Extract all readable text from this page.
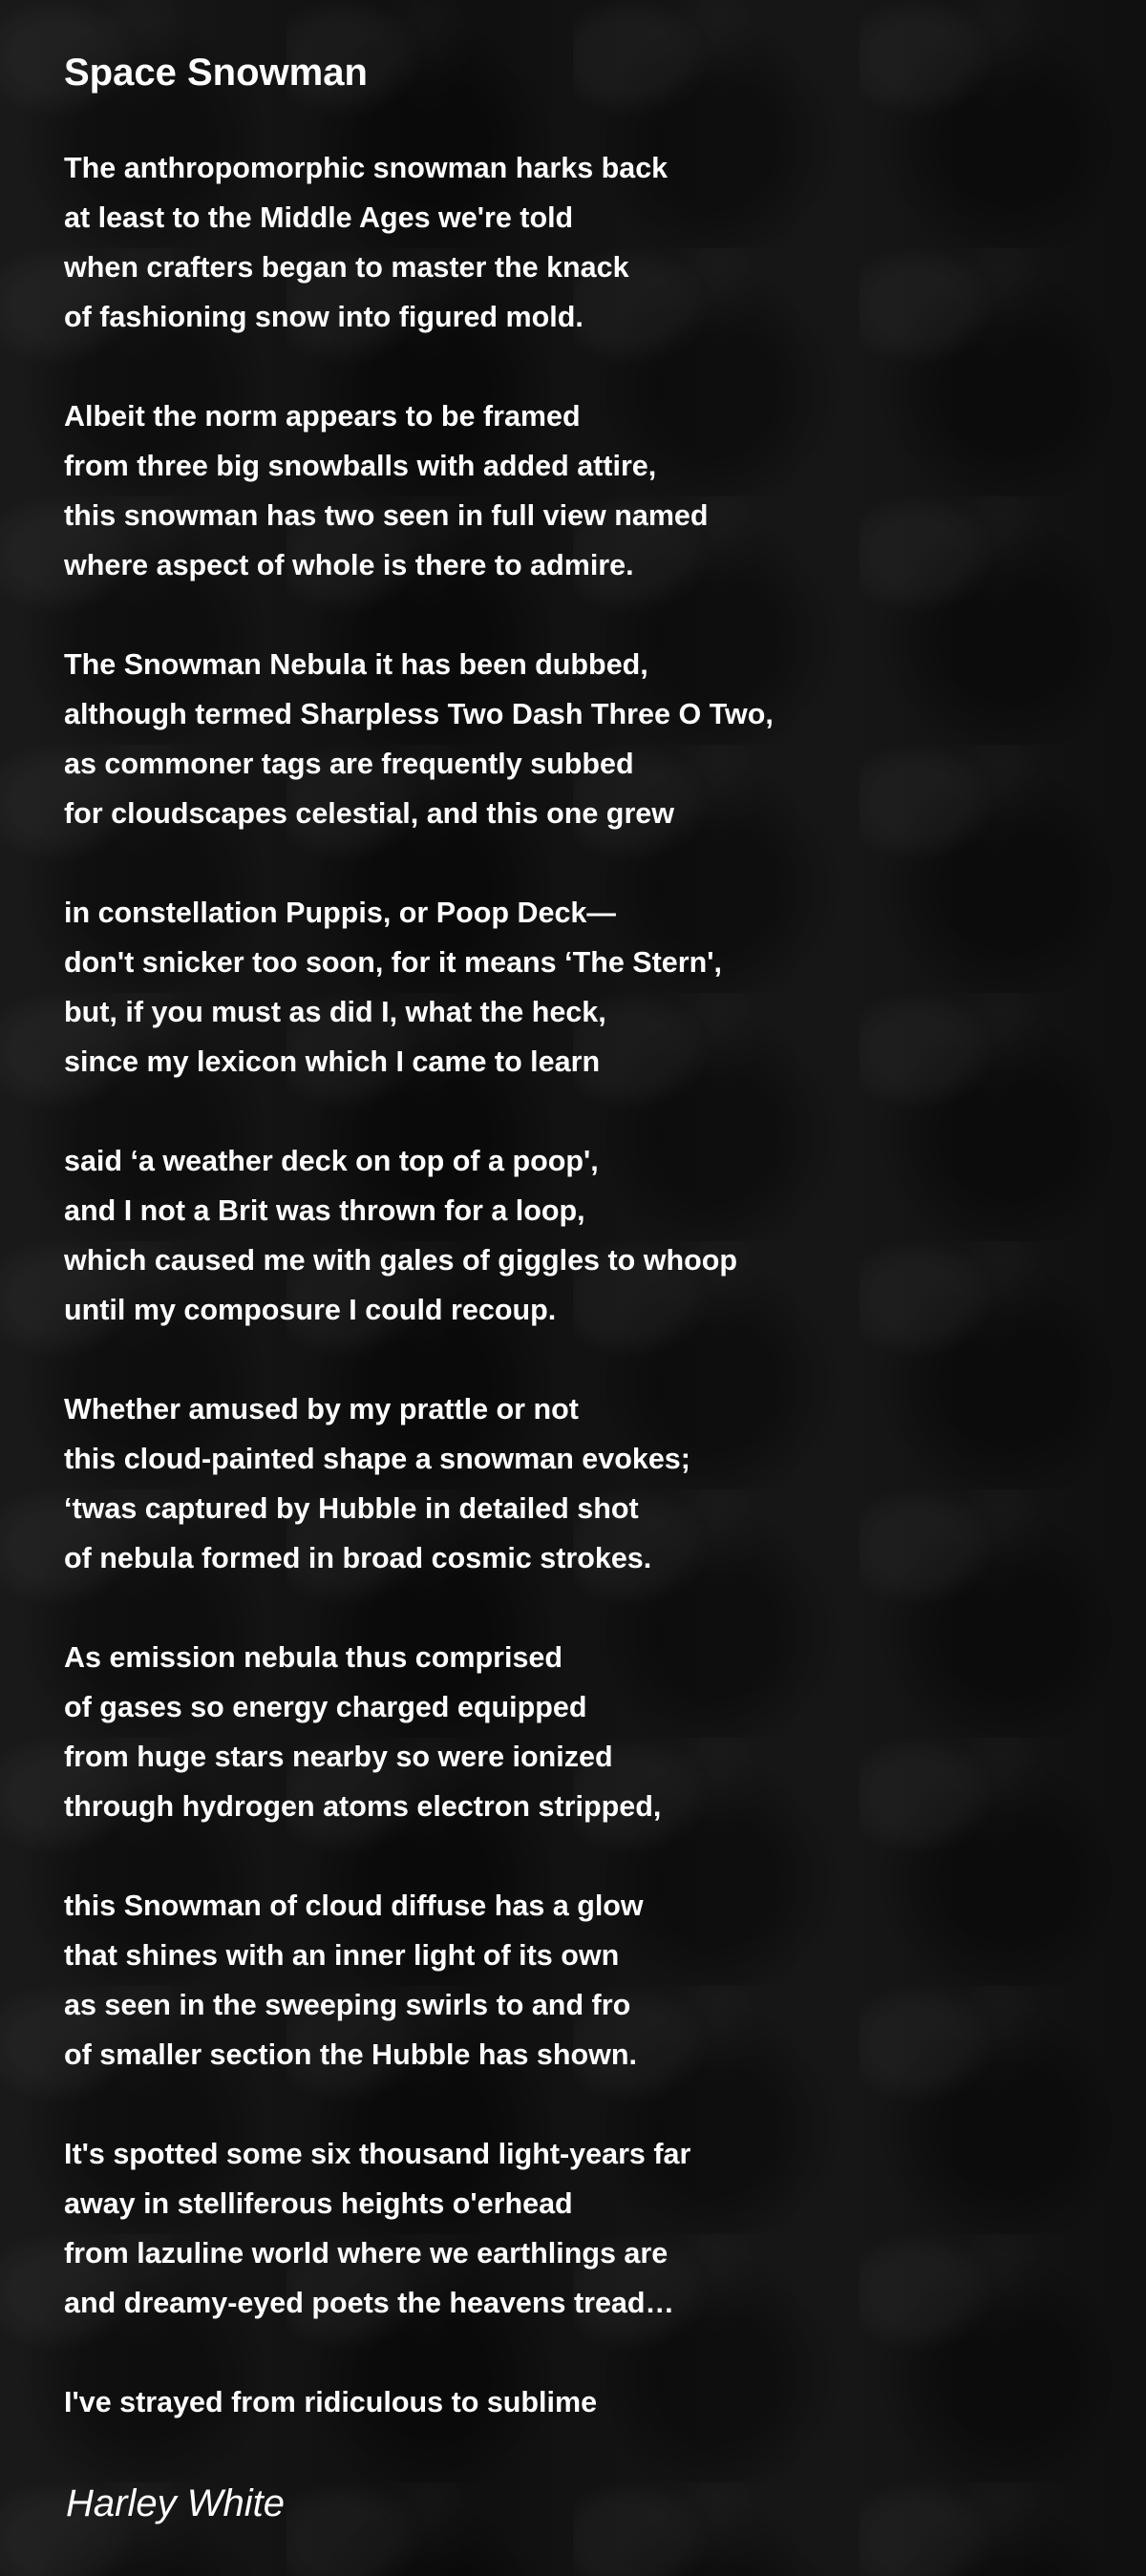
Space Snowman
The anthropomorphic snowman harks back
at least to the Middle Ages we're told
when crafters began to master the knack
of fashioning snow into figured mold.
Albeit the norm appears to be framed
from three big snowballs with added attire,
this snowman has two seen in full view named
where aspect of whole is there to admire.
The Snowman Nebula it has been dubbed,
although termed Sharpless Two Dash Three O Two,
as commoner tags are frequently subbed
for cloudscapes celestial, and this one grew
in constellation Puppis, or Poop Deck—
don't snicker too soon, for it means ‘The Stern',
but, if you must as did I, what the heck,
since my lexicon which I came to learn
said ‘a weather deck on top of a poop',
and I not a Brit was thrown for a loop,
which caused me with gales of giggles to whoop
until my composure I could recoup.
Whether amused by my prattle or not
this cloud-painted shape a snowman evokes;
‘twas captured by Hubble in detailed shot
of nebula formed in broad cosmic strokes.
As emission nebula thus comprised
of gases so energy charged equipped
from huge stars nearby so were ionized
through hydrogen atoms electron stripped,
this Snowman of cloud diffuse has a glow
that shines with an inner light of its own
as seen in the sweeping swirls to and fro
of smaller section the Hubble has shown.
It's spotted some six thousand light-years far
away in stelliferous heights o'erhead
from lazuline world where we earthlings are
and dreamy-eyed poets the heavens tread…
I've strayed from ridiculous to sublime
Harley White
